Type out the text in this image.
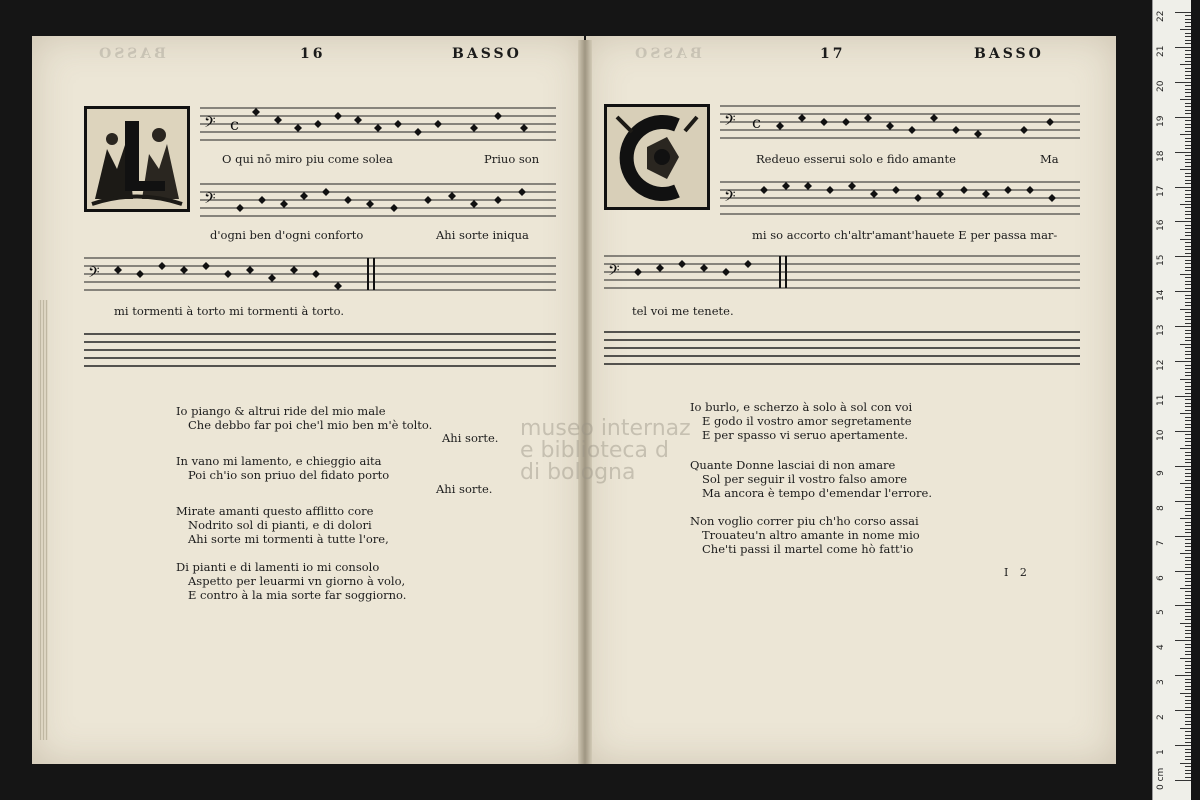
BASSO	BASSO
16	BASSO	17	BASSO
𝄢 c
O qui nō miro piu come solea	Priuo son
𝄢
d'ogni ben d'ogni conforto	Ahi sorte iniqua
𝄢
mi tormenti à torto mi tormenti à torto.
Io piango & altrui ride del mio male
Che debbo far poi che'l mio ben m'è tolto.
Ahi sorte.
In vano mi lamento, e chieggio aita
Poi ch'io son priuo del fidato porto
Ahi sorte.
Mirate amanti questo afflitto core
Nodrito sol di pianti, e di dolori
Ahi sorte mi tormenti à tutte l'ore,
Di pianti e di lamenti io mi consolo
Aspetto per leuarmi vn giorno à volo,
E contro à la mia sorte far soggiorno.
𝄢 c
Redeuo esserui solo e fido amante	Ma
𝄢
mi so accorto ch'altr'amant'hauete E per passa mar-
𝄢
tel voi me tenete.
Io burlo, e scherzo à solo à sol con voi
E godo il vostro amor segretamente
E per spasso vi seruo apertamente.
Quante Donne lasciai di non amare
Sol per seguir il vostro falso amore
Ma ancora è tempo d'emendar l'errore.
Non voglio correr piu ch'ho corso assai
Trouateu'n altro amante in nome mio
Che'ti passi il martel come hò fatt'io
I 2
museo internaz
e biblioteca d
di bologna
22
21
20
19
18
17
16
15
14
13
12
11
10
9
8
7
6
5
4
3
2
1
0 cm
